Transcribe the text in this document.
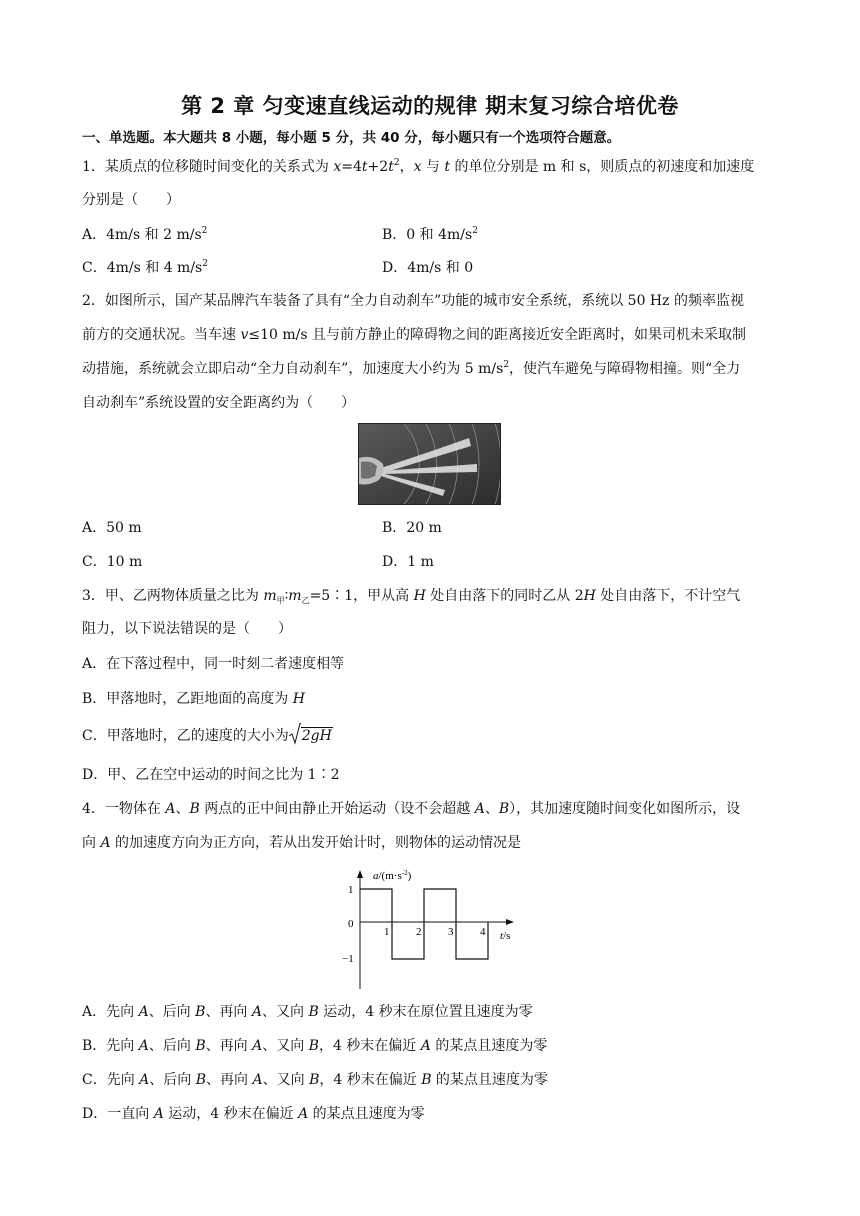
第 2 章 匀变速直线运动的规律 期末复习综合培优卷
一、单选题。本大题共 8 小题，每小题 5 分，共 40 分，每小题只有一个选项符合题意。
1．某质点的位移随时间变化的关系式为 $x=4t+2t^2$，x 与 t 的单位分别是 m 和 s，则质点的初速度和加速度
分别是（　　）
A．4m/s 和 2 $m/s^2$	B．0 和 $4m/s^2$
C．4m/s 和 4 $m/s^2$	D．4m/s 和 0
2．如图所示，国产某品牌汽车装备了具有“全力自动刹车”功能的城市安全系统，系统以 50 Hz 的频率监视
前方的交通状况。当车速 v≤10 m/s 且与前方静止的障碍物之间的距离接近安全距离时，如果司机未采取制
动措施，系统就会立即启动“全力自动刹车”，加速度大小约为 5 $m/s^2$，使汽车避免与障碍物相撞。则“全力
自动刹车”系统设置的安全距离约为（　　）
A．50 m	B．20 m
C．10 m	D．1 m
3．甲、乙两物体质量之比为 $m_甲∶m_乙=5∶1$，甲从高 H 处自由落下的同时乙从 2H 处自由落下，不计空气
阻力，以下说法错误的是（　　）
A．在下落过程中，同一时刻二者速度相等
B．甲落地时，乙距地面的高度为 H
C．甲落地时，乙的速度的大小为 2gH
D．甲、乙在空中运动的时间之比为 1∶2
4．一物体在 A、B 两点的正中间由静止开始运动（设不会超越 A、B），其加速度随时间变化如图所示，设
向 A 的加速度方向为正方向，若从出发开始计时，则物体的运动情况是
$a/(m\cdot s^{-2})$
1
0
−1
1 2 3 4 t/s
A．先向 A、后向 B、再向 A、又向 B 运动，4 秒末在原位置且速度为零
B．先向 A、后向 B、再向 A、又向 B，4 秒末在偏近 A 的某点且速度为零
C．先向 A、后向 B、再向 A、又向 B，4 秒末在偏近 B 的某点且速度为零
D．一直向 A 运动，4 秒末在偏近 A 的某点且速度为零
